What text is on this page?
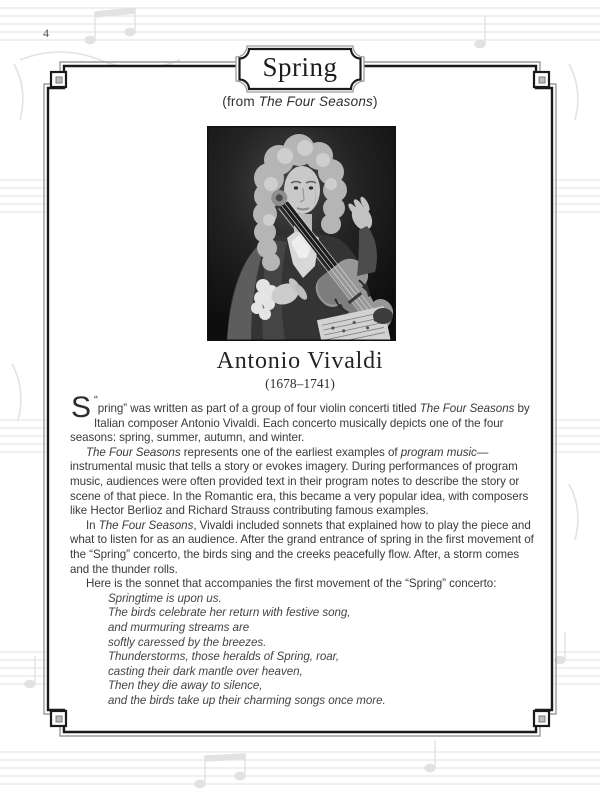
4
Spring
(from The Four Seasons)
Antonio Vivaldi
(1678–1741)

“
S pring” was written as part of a group of four violin concerti titled The Four Seasons by Italian composer Antonio Vivaldi. Each concerto musically depicts one of the four seasons: spring, summer, autumn, and winter.

The Four Seasons represents one of the earliest examples of program music—instrumental music that tells a story or evokes imagery. During performances of program music, audiences were often provided text in their program notes to describe the story or scene of that piece. In the Romantic era, this became a very popular idea, with composers like Hector Berlioz and Richard Strauss contributing famous examples.

In The Four Seasons, Vivaldi included sonnets that explained how to play the piece and what to listen for as an audience. After the grand entrance of spring in the first movement of the “Spring” concerto, the birds sing and the creeks peacefully flow. After, a storm comes and the thunder rolls.

Here is the sonnet that accompanies the first movement of the “Spring” concerto:

Springtime is upon us.
The birds celebrate her return with festive song,
and murmuring streams are
softly caressed by the breezes.
Thunderstorms, those heralds of Spring, roar,
casting their dark mantle over heaven,
Then they die away to silence,
and the birds take up their charming songs once more.
